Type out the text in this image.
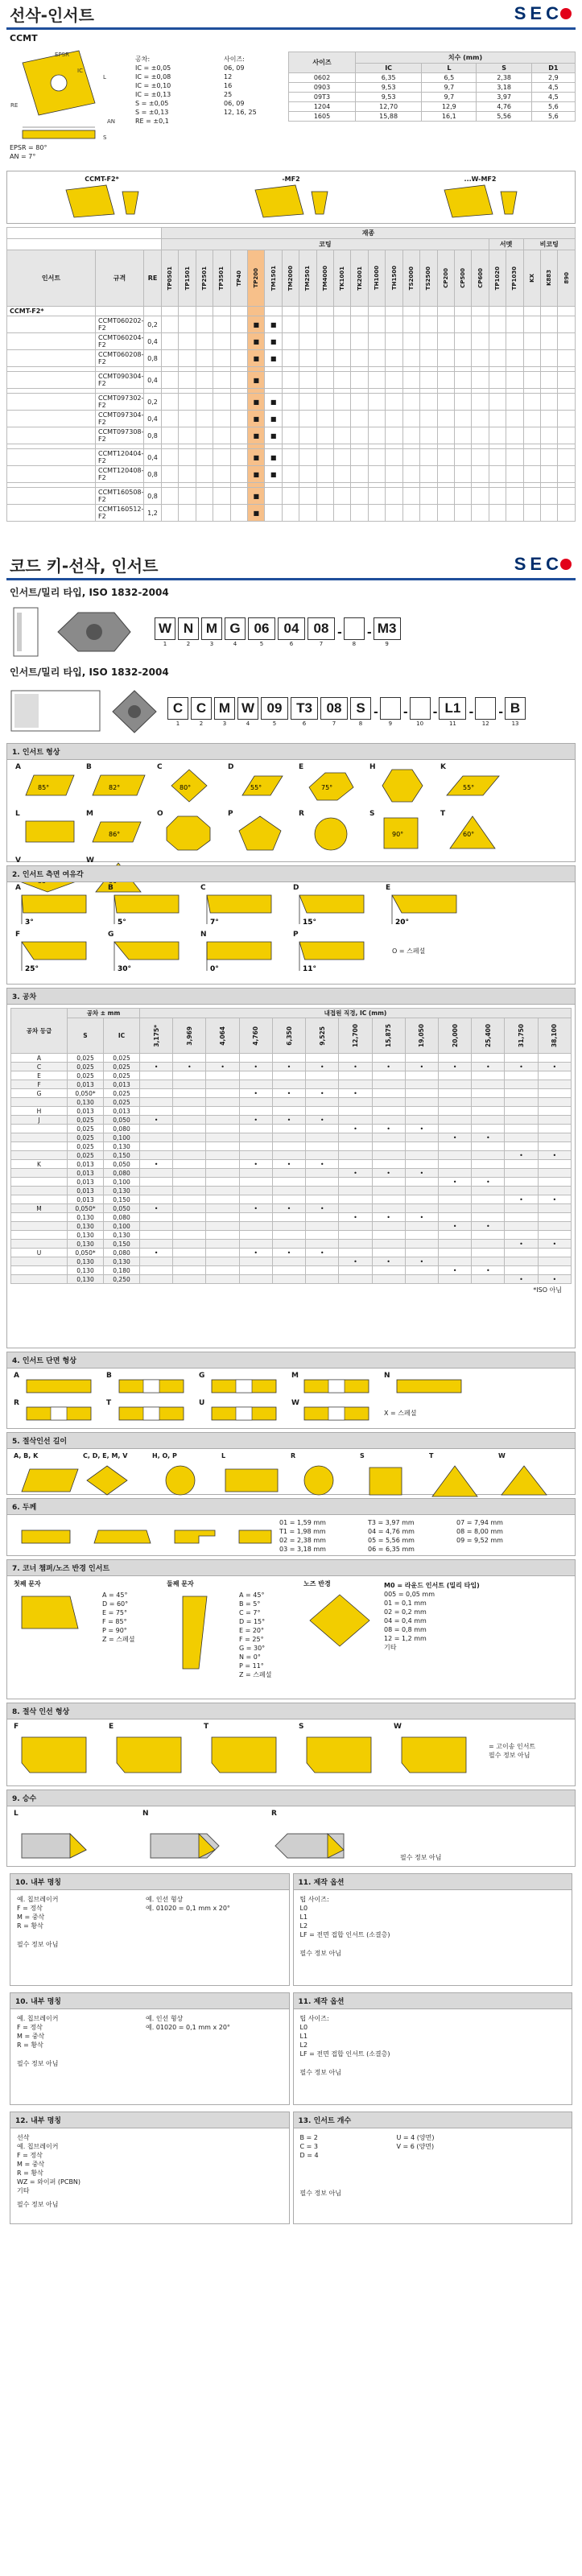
선삭-인서트	S E C
CCMT
L
IC
S
EPSR
RE
AN
EPSR = 80°
AN = 7°
공차:
IC = ±0,05
IC = ±0,08
IC = ±0,10
IC = ±0,13
S = ±0,05
S = ±0,13
RE = ±0,1
사이즈:
06, 09
12
16
25
06, 09
12, 16, 25
사이즈	치수 (mm)			
	IC	L	S	D1
0602	6,35	6,5	2,38	2,9
0903	9,53	9,7	3,18	4,5
09T3	9,53	9,7	3,97	4,5
1204	12,70	12,9	4,76	5,6
1605	15,88	16,1	5,56	5,6
CCMT-F2*	-MF2	...W-MF2
			재종																							
			코팅																			서멧		비코팅		
인서트	규격	RE	TP0501	TP1501	TP2501	TP3501	TP40	TP200	TM1501	TM2000	TM2501	TM4000	TK1001	TK2001	TH1000	TH1500	TS2000	TS2500	CP200	CP500	CP600	TP1020	TP1030	KX	K883	890

CCMT-F2*																										
	CCMT060202-F2	0,2						■	■																	
	CCMT060204-F2	0,4						■	■																	
	CCMT060208-F2	0,8						■	■																	

	CCMT090304-F2	0,4						■																		

	CCMT097302-F2	0,2						■	■																	
	CCMT097304-F2	0,4						■	■																	
	CCMT097308-F2	0,8						■	■																	

	CCMT120404-F2	0,4						■	■																	
	CCMT120408-F2	0,8						■	■																	

	CCMT160508-F2	0,8						■																		
	CCMT160512-F2	1,2						■																		
코드 키-선삭, 인서트	S E C
인서트/밀리 타입, ISO 1832-2004
W
1
N
2
M
3
G
4
06
5
04
6
08
7
-
8
- M3
9
인서트/밀리 타입, ISO 1832-2004
C
1
C
2
M
3
W
4
09
5
T3
6
08
7
S
8
-
9
-
10
- L1
11
-
12
- B
13
1. 인서트 형상
A
85°
B
82°
C
80°
D
55°
E
75°
H	K
55°
L	M
86°
O	P	R	S
90°
T
60°
V	W
2. 인서트 측면 여유각
A
3°
B
5°
C
7°
D
15°
E
20°
F
25°
G
30°
N
0°
P
11°
O = 스페셜
3. 공차
공차 등급	공차 ± mm		내접원 직경, IC (mm)												
	S	IC	3,175*	3,969	4,064	4,760	6,350	9,525	12,700	15,875	19,050	20,000	25,400	31,750	38,100

A	0,025	0,025													
C	0,025	0,025	•	•	•	•	•	•	•	•	•	•	•	•	•
E	0,025	0,025													
F	0,013	0,013													
G	0,050*	0,025				•	•	•	•						
	0,130	0,025													
H	0,013	0,013													
J	0,025	0,050	•			•	•	•							
	0,025	0,080							•	•	•				
	0,025	0,100										•	•		
	0,025	0,130													
	0,025	0,150												•	•
K	0,013	0,050	•			•	•	•							
	0,013	0,080							•	•	•				
	0,013	0,100										•	•		
	0,013	0,130													
	0,013	0,150												•	•
M	0,050*	0,050	•			•	•	•							
	0,130	0,080							•	•	•				
	0,130	0,100										•	•		
	0,130	0,130													
	0,130	0,150												•	•
U	0,050*	0,080	•			•	•	•							
	0,130	0,130							•	•	•				
	0,130	0,180										•	•		
	0,130	0,250												•	•
*ISO 아님
4. 인서트 단면 형상
A	B	G	M	N
R	T	U	W
X = 스페셜
5. 절삭인선 길이
A, B, K	C, D, E, M, V	H, O, P	L	R	S	T	W
6. 두께
01 = 1,59 mm
T1 = 1,98 mm
02 = 2,38 mm
03 = 3,18 mm
T3 = 3,97 mm
04 = 4,76 mm
05 = 5,56 mm
06 = 6,35 mm
07 = 7,94 mm
08 = 8,00 mm
09 = 9,52 mm
7. 코너 챔퍼/노즈 반경 인서트
첫째 문자
A = 45°
D = 60°
E = 75°
F = 85°
P = 90°
Z = 스페셜
둘째 문자
A = 45°
B = 5°
C = 7°
D = 15°
E = 20°
F = 25°
G = 30°
N = 0°
P = 11°
Z = 스페셜
노즈 반경	M0 = 라운드 인서트 (밀리 타입)
005 = 0,05 mm
01 = 0,1 mm
02 = 0,2 mm
04 = 0,4 mm
08 = 0,8 mm
12 = 1,2 mm
기타
8. 절삭 인선 형상
F	E	T	S	W
= 고이송 인서트
필수 정보 아님
9. 승수
L	N	R
필수 정보 아님
10. 내부 명칭
예. 칩브레이커
F = 정삭
M = 중삭
R = 황삭
예. 인선 형상
예. 01020 = 0,1 mm x 20°
필수 정보 아님
11. 제작 옵션
팁 사이즈:
L0
L1
L2
LF = 전면 접합 인서트 (소결층)
필수 정보 아님
10. 내부 명칭
예. 칩브레이커
F = 정삭
M = 중삭
R = 황삭
예. 인선 형상
예. 01020 = 0,1 mm x 20°
필수 정보 아님
11. 제작 옵션
팁 사이즈:
L0
L1
L2
LF = 전면 접합 인서트 (소결층)
필수 정보 아님
12. 내부 명칭
선삭
예. 칩브레이커
F = 정삭
M = 중삭
R = 황삭
WZ = 와이퍼 (PCBN)
기타
필수 정보 아님
13. 인서트 개수
B = 2
C = 3
D = 4
U = 4 (양면)
V = 6 (양면)
필수 정보 아님
